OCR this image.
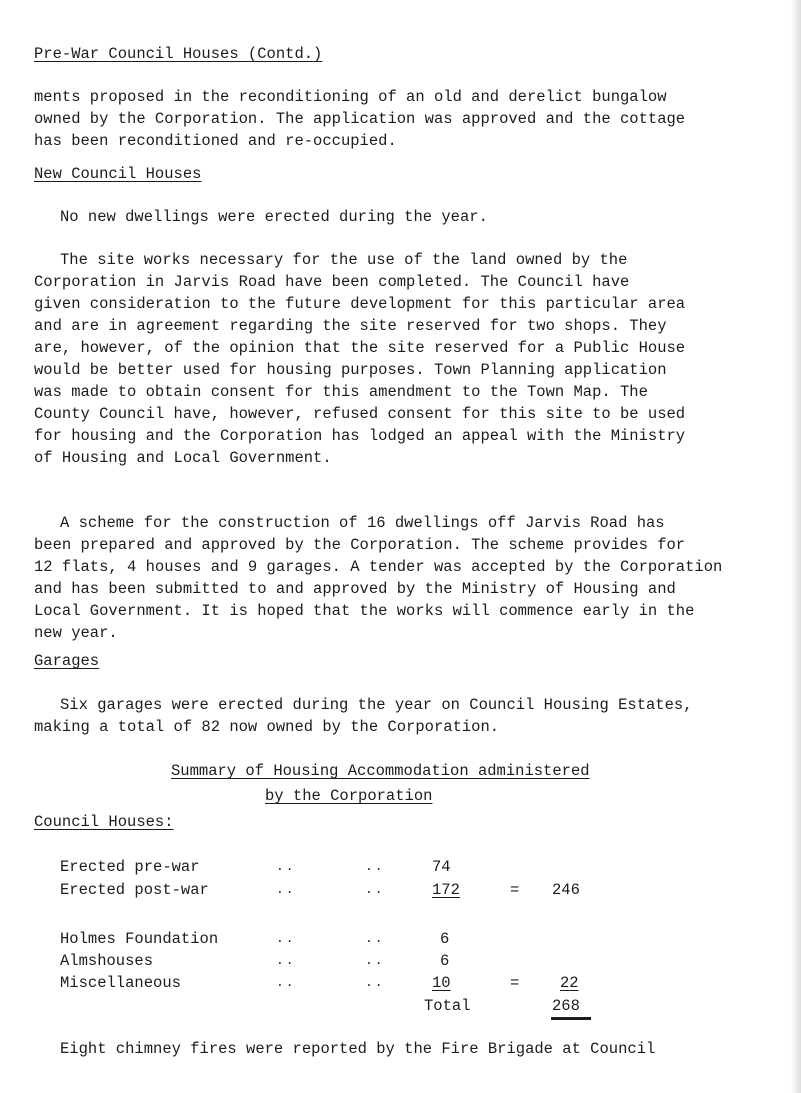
Pre-War Council Houses (Contd.)
ments proposed in the reconditioning of an old and derelict bungalow
owned by the Corporation. The application was approved and the cottage
has been reconditioned and re-occupied.
New Council Houses
No new dwellings were erected during the year.
The site works necessary for the use of the land owned by the
Corporation in Jarvis Road have been completed. The Council have
given consideration to the future development for this particular area
and are in agreement regarding the site reserved for two shops. They
are, however, of the opinion that the site reserved for a Public House
would be better used for housing purposes. Town Planning application
was made to obtain consent for this amendment to the Town Map. The
County Council have, however, refused consent for this site to be used
for housing and the Corporation has lodged an appeal with the Ministry
of Housing and Local Government.
A scheme for the construction of 16 dwellings off Jarvis Road has
been prepared and approved by the Corporation. The scheme provides for
12 flats, 4 houses and 9 garages. A tender was accepted by the Corporation
and has been submitted to and approved by the Ministry of Housing and
Local Government. It is hoped that the works will commence early in the
new year.
Garages
Six garages were erected during the year on Council Housing Estates,
making a total of 82 now owned by the Corporation.
Summary of Housing Accommodation administered
by the Corporation
Council Houses:
Erected pre-war	..	..	74
Erected post-war	..	..	172	= 246
Holmes Foundation	..	..	6
Almshouses	..	..	6
Miscellaneous	..	..	10	=	22
Total	268
Eight chimney fires were reported by the Fire Brigade at Council
